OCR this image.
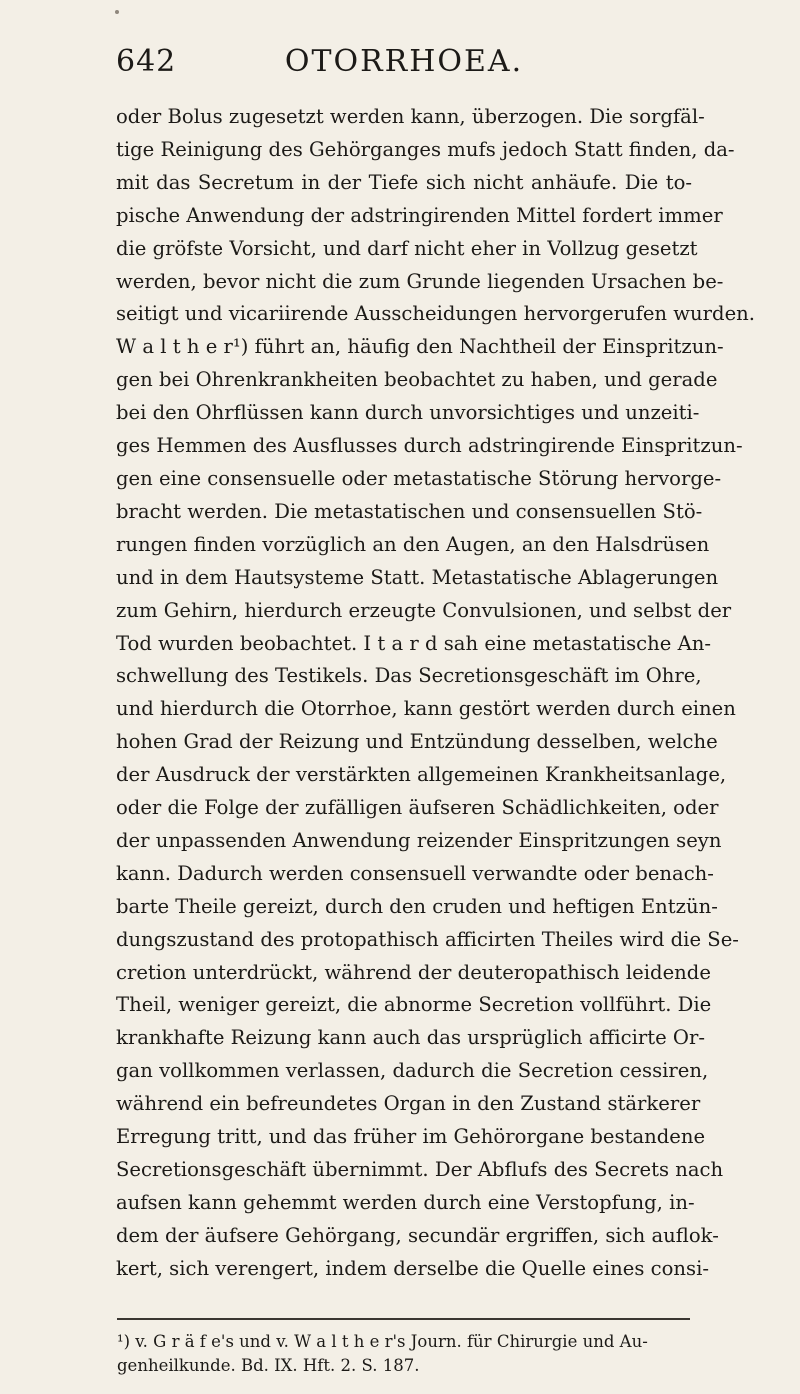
642	OTORRHOEA.
oder Bolus zugesetzt werden kann, überzogen. Die sorgfäl-
tige Reinigung des Gehörganges mufs jedoch Statt finden, da-
mit das Secretum in der Tiefe sich nicht anhäufe. Die to-
pische Anwendung der adstringirenden Mittel fordert immer
die gröfste Vorsicht, und darf nicht eher in Vollzug gesetzt
werden, bevor nicht die zum Grunde liegenden Ursachen be-
seitigt und vicariirende Ausscheidungen hervorgerufen wurden.
W a l t h e r¹) führt an, häufig den Nachtheil der Einspritzun-
gen bei Ohrenkrankheiten beobachtet zu haben, und gerade
bei den Ohrflüssen kann durch unvorsichtiges und unzeiti-
ges Hemmen des Ausflusses durch adstringirende Einspritzun-
gen eine consensuelle oder metastatische Störung hervorge-
bracht werden. Die metastatischen und consensuellen Stö-
rungen finden vorzüglich an den Augen, an den Halsdrüsen
und in dem Hautsysteme Statt. Metastatische Ablagerungen
zum Gehirn, hierdurch erzeugte Convulsionen, und selbst der
Tod wurden beobachtet. I t a r d sah eine metastatische An-
schwellung des Testikels. Das Secretionsgeschäft im Ohre,
und hierdurch die Otorrhoe, kann gestört werden durch einen
hohen Grad der Reizung und Entzündung desselben, welche
der Ausdruck der verstärkten allgemeinen Krankheitsanlage,
oder die Folge der zufälligen äufseren Schädlichkeiten, oder
der unpassenden Anwendung reizender Einspritzungen seyn
kann. Dadurch werden consensuell verwandte oder benach-
barte Theile gereizt, durch den cruden und heftigen Entzün-
dungszustand des protopathisch afficirten Theiles wird die Se-
cretion unterdrückt, während der deuteropathisch leidende
Theil, weniger gereizt, die abnorme Secretion vollführt. Die
krankhafte Reizung kann auch das ursprüglich afficirte Or-
gan vollkommen verlassen, dadurch die Secretion cessiren,
während ein befreundetes Organ in den Zustand stärkerer
Erregung tritt, und das früher im Gehörorgane bestandene
Secretionsgeschäft übernimmt. Der Abflufs des Secrets nach
aufsen kann gehemmt werden durch eine Verstopfung, in-
dem der äufsere Gehörgang, secundär ergriffen, sich auflok-
kert, sich verengert, indem derselbe die Quelle eines consi-
¹) v. G r ä f e's und v. W a l t h e r's Journ. für Chirurgie und Au-
genheilkunde. Bd. IX. Hft. 2. S. 187.
